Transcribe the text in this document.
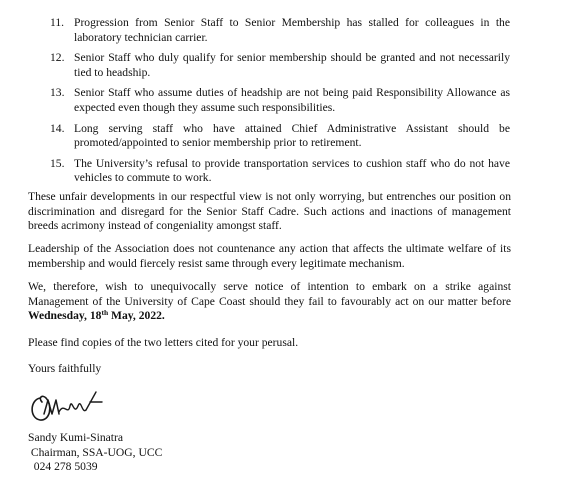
11. Progression from Senior Staff to Senior Membership has stalled for colleagues in the laboratory technician carrier.
12. Senior Staff who duly qualify for senior membership should be granted and not necessarily tied to headship.
13. Senior Staff who assume duties of headship are not being paid Responsibility Allowance as expected even though they assume such responsibilities.
14. Long serving staff who have attained Chief Administrative Assistant should be promoted/appointed to senior membership prior to retirement.
15. The University’s refusal to provide transportation services to cushion staff who do not have vehicles to commute to work.

These unfair developments in our respectful view is not only worrying, but entrenches our position on discrimination and disregard for the Senior Staff Cadre. Such actions and inactions of management breeds acrimony instead of congeniality amongst staff.

Leadership of the Association does not countenance any action that affects the ultimate welfare of its membership and would fiercely resist same through every legitimate mechanism.

We, therefore, wish to unequivocally serve notice of intention to embark on a strike against Management of the University of Cape Coast should they fail to favourably act on our matter before Wednesday, 18th May, 2022.

Please find copies of the two letters cited for your perusal.

Yours faithfully

Sandy Kumi-Sinatra
Chairman, SSA-UOG, UCC
024 278 5039
